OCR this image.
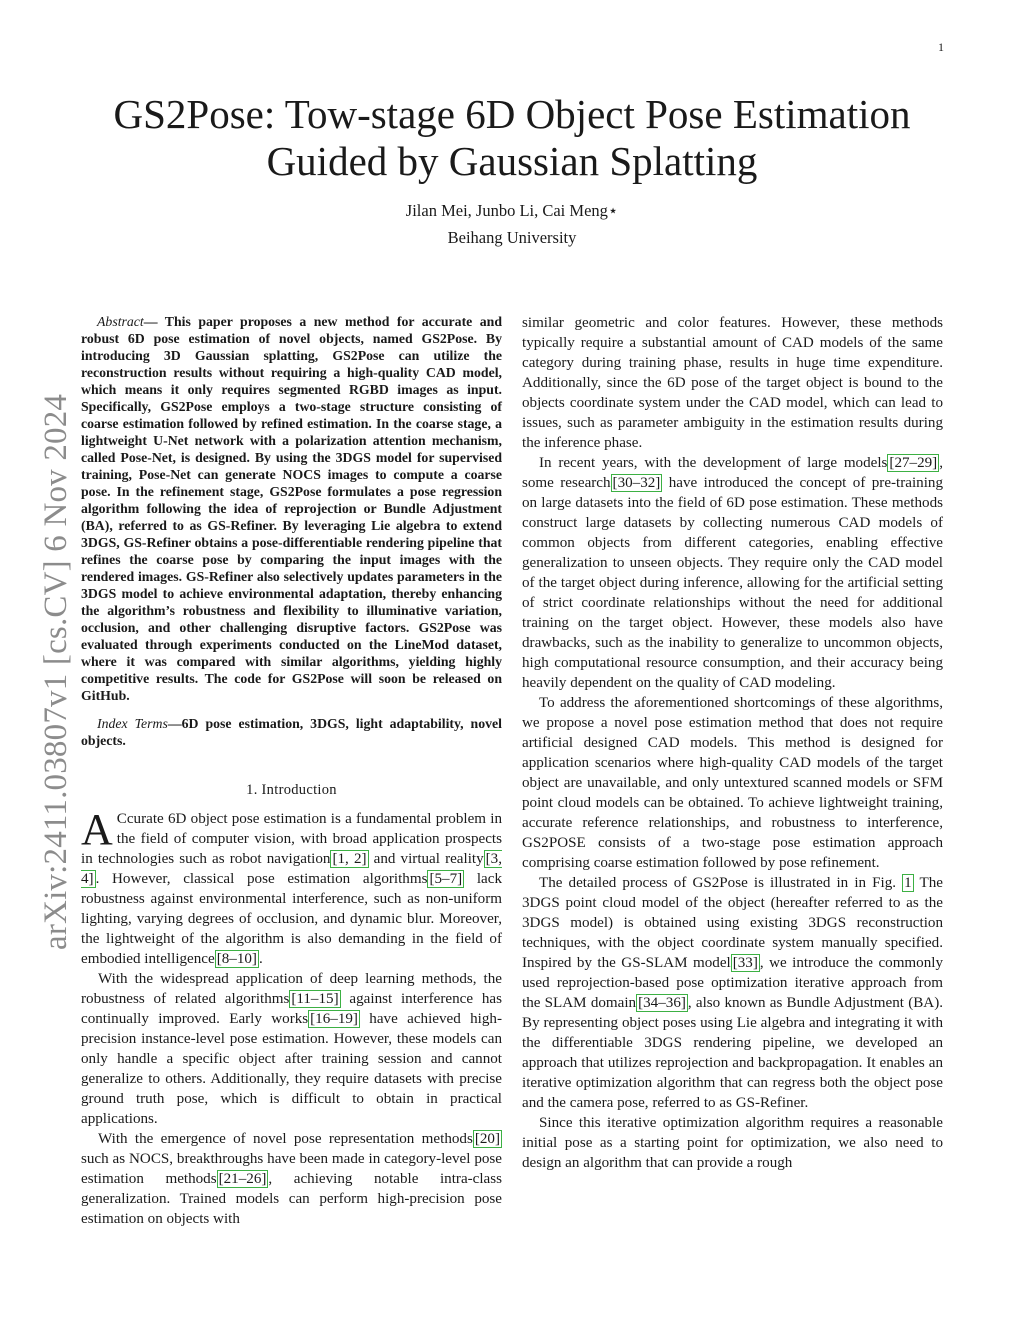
1
arXiv:2411.03807v1 [cs.CV] 6 Nov 2024
GS2Pose: Tow-stage 6D Object Pose Estimation Guided by Gaussian Splatting
Jilan Mei, Junbo Li, Cai Meng⋆
Beihang University

Abstract— This paper proposes a new method for accurate and robust 6D pose estimation of novel objects, named GS2Pose. By introducing 3D Gaussian splatting, GS2Pose can utilize the reconstruction results without requiring a high-quality CAD model, which means it only requires segmented RGBD images as input. Specifically, GS2Pose employs a two-stage structure consisting of coarse estimation followed by refined estimation. In the coarse stage, a lightweight U-Net network with a polarization attention mechanism, called Pose-Net, is designed. By using the 3DGS model for supervised training, Pose-Net can generate NOCS images to compute a coarse pose. In the refinement stage, GS2Pose formulates a pose regression algorithm following the idea of reprojection or Bundle Adjustment (BA), referred to as GS-Refiner. By leveraging Lie algebra to extend 3DGS, GS-Refiner obtains a pose-differentiable rendering pipeline that refines the coarse pose by comparing the input images with the rendered images. GS-Refiner also selectively updates parameters in the 3DGS model to achieve environmental adaptation, thereby enhancing the algorithm’s robustness and flexibility to illuminative variation, occlusion, and other challenging disruptive factors. GS2Pose was evaluated through experiments conducted on the LineMod dataset, where it was compared with similar algorithms, yielding highly competitive results. The code for GS2Pose will soon be released on GitHub.

Index Terms—6D pose estimation, 3DGS, light adaptability, novel objects.

1. Introduction

A Ccurate 6D object pose estimation is a fundamental problem in the field of computer vision, with broad application prospects in technologies such as robot navigation [1, 2] and virtual reality [3, 4] . However, classical pose estimation algorithms [5–7] lack robustness against environmental interference, such as non-uniform lighting, varying degrees of occlusion, and dynamic blur. Moreover, the lightweight of the algorithm is also demanding in the field of embodied intelligence [8–10] .

With the widespread application of deep learning methods, the robustness of related algorithms [11–15] against interference has continually improved. Early works [16–19] have achieved high-precision instance-level pose estimation. However, these models can only handle a specific object after training session and cannot generalize to others. Additionally, they require datasets with precise ground truth pose, which is difficult to obtain in practical applications.

With the emergence of novel pose representation methods [20] such as NOCS, breakthroughs have been made in category-level pose estimation methods [21–26] , achieving notable intra-class generalization. Trained models can perform high-precision pose estimation on objects with

similar geometric and color features. However, these methods typically require a substantial amount of CAD models of the same category during training phase, results in huge time expenditure. Additionally, since the 6D pose of the target object is bound to the objects coordinate system under the CAD model, which can lead to issues, such as parameter ambiguity in the estimation results during the inference phase.

In recent years, with the development of large models [27–29] , some research [30–32] have introduced the concept of pre-training on large datasets into the field of 6D pose estimation. These methods construct large datasets by collecting numerous CAD models of common objects from different categories, enabling effective generalization to unseen objects. They require only the CAD model of the target object during inference, allowing for the artificial setting of strict coordinate relationships without the need for additional training on the target object. However, these models also have drawbacks, such as the inability to generalize to uncommon objects, high computational resource consumption, and their accuracy being heavily dependent on the quality of CAD modeling.

To address the aforementioned shortcomings of these algorithms, we propose a novel pose estimation method that does not require artificial designed CAD models. This method is designed for application scenarios where high-quality CAD models of the target object are unavailable, and only untextured scanned models or SFM point cloud models can be obtained. To achieve lightweight training, accurate reference relationships, and robustness to interference, GS2POSE consists of a two-stage pose estimation approach comprising coarse estimation followed by pose refinement.

The detailed process of GS2Pose is illustrated in in Fig. 1 The 3DGS point cloud model of the object (hereafter referred to as the 3DGS model) is obtained using existing 3DGS reconstruction techniques, with the object coordinate system manually specified. Inspired by the GS-SLAM model [33] , we introduce the commonly used reprojection-based pose optimization iterative approach from the SLAM domain [34–36] , also known as Bundle Adjustment (BA). By representing object poses using Lie algebra and integrating it with the differentiable 3DGS rendering pipeline, we developed an approach that utilizes reprojection and backpropagation. It enables an iterative optimization algorithm that can regress both the object pose and the camera pose, referred to as GS-Refiner.

Since this iterative optimization algorithm requires a reasonable initial pose as a starting point for optimization, we also need to design an algorithm that can provide a rough
